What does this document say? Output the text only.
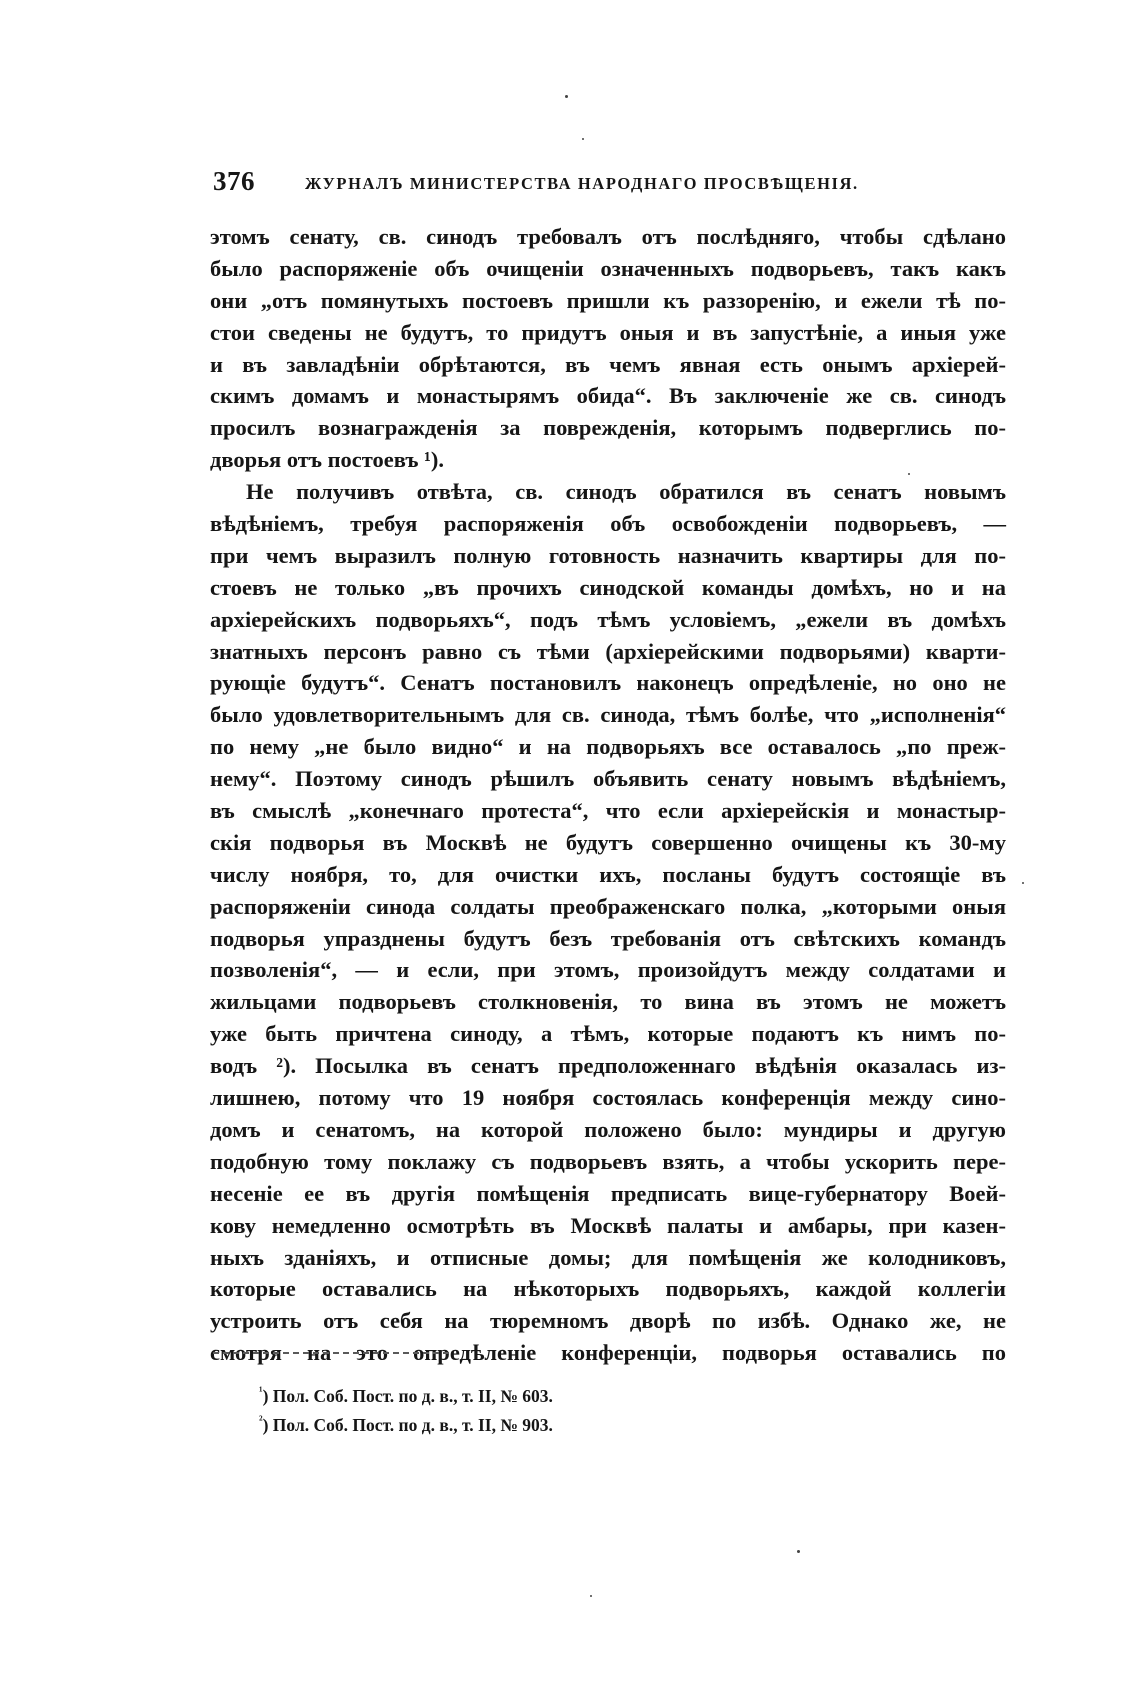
376	ЖУРНАЛЪ МИНИСТЕРСТВА НАРОДНАГО ПРОСВѢЩЕНІЯ.
этомъ сенату, св. синодъ требовалъ отъ послѣдняго, чтобы сдѣлано
было распоряженіе объ очищеніи означенныхъ подворьевъ, такъ какъ
они „отъ помянутыхъ постоевъ пришли къ раззоренію, и ежели тѣ по-
стои сведены не будутъ, то придутъ оныя и въ запустѣніе, а иныя уже
и въ завладѣніи обрѣтаются, въ чемъ явная есть онымъ архіерей-
скимъ домамъ и монастырямъ обида“. Въ заключеніе же св. синодъ
просилъ вознагражденія за поврежденія, которымъ подверглись по-
дворья отъ постоевъ ¹).
Не получивъ отвѣта, св. синодъ обратился въ сенатъ новымъ
вѣдѣніемъ, требуя распоряженія объ освобожденіи подворьевъ, —
при чемъ выразилъ полную готовность назначить квартиры для по-
стоевъ не только „въ прочихъ синодской команды домѣхъ, но и на
архіерейскихъ подворьяхъ“, подъ тѣмъ условіемъ, „ежели въ домѣхъ
знатныхъ персонъ равно съ тѣми (архіерейскими подворьями) кварти-
рующіе будутъ“. Сенатъ постановилъ наконецъ опредѣленіе, но оно не
было удовлетворительнымъ для св. синода, тѣмъ болѣе, что „исполненія“
по нему „не было видно“ и на подворьяхъ все оставалось „по преж-
нему“. Поэтому синодъ рѣшилъ объявить сенату новымъ вѣдѣніемъ,
въ смыслѣ „конечнаго протеста“, что если архіерейскія и монастыр-
скія подворья въ Москвѣ не будутъ совершенно очищены къ 30-му
числу ноября, то, для очистки ихъ, посланы будутъ состоящіе въ
распоряженіи синода солдаты преображенскаго полка, „которыми оныя
подворья упразднены будутъ безъ требованія отъ свѣтскихъ командъ
позволенія“, — и если, при этомъ, произойдутъ между солдатами и
жильцами подворьевъ столкновенія, то вина въ этомъ не можетъ
уже быть причтена синоду, а тѣмъ, которые подаютъ къ нимъ по-
водъ ²). Посылка въ сенатъ предположеннаго вѣдѣнія оказалась из-
лишнею, потому что 19 ноября состоялась конференція между сино-
домъ и сенатомъ, на которой положено было: мундиры и другую
подобную тому поклажу съ подворьевъ взять, а чтобы ускорить пере-
несеніе ее въ другія помѣщенія предписать вице-губернатору Воей-
кову немедленно осмотрѣть въ Москвѣ палаты и амбары, при казен-
ныхъ зданіяхъ, и отписные домы; для помѣщенія же колодниковъ,
которые оставались на нѣкоторыхъ подворьяхъ, каждой коллегіи
устроить отъ себя на тюремномъ дворѣ по избѣ. Однако же, не
смотря на это опредѣленіе конференціи, подворья оставались по
$^{^1}$) Пол. Соб. Пост. по д. в., т. II, № 603.
$^{^2}$) Пол. Соб. Пост. по д. в., т. II, № 903.
